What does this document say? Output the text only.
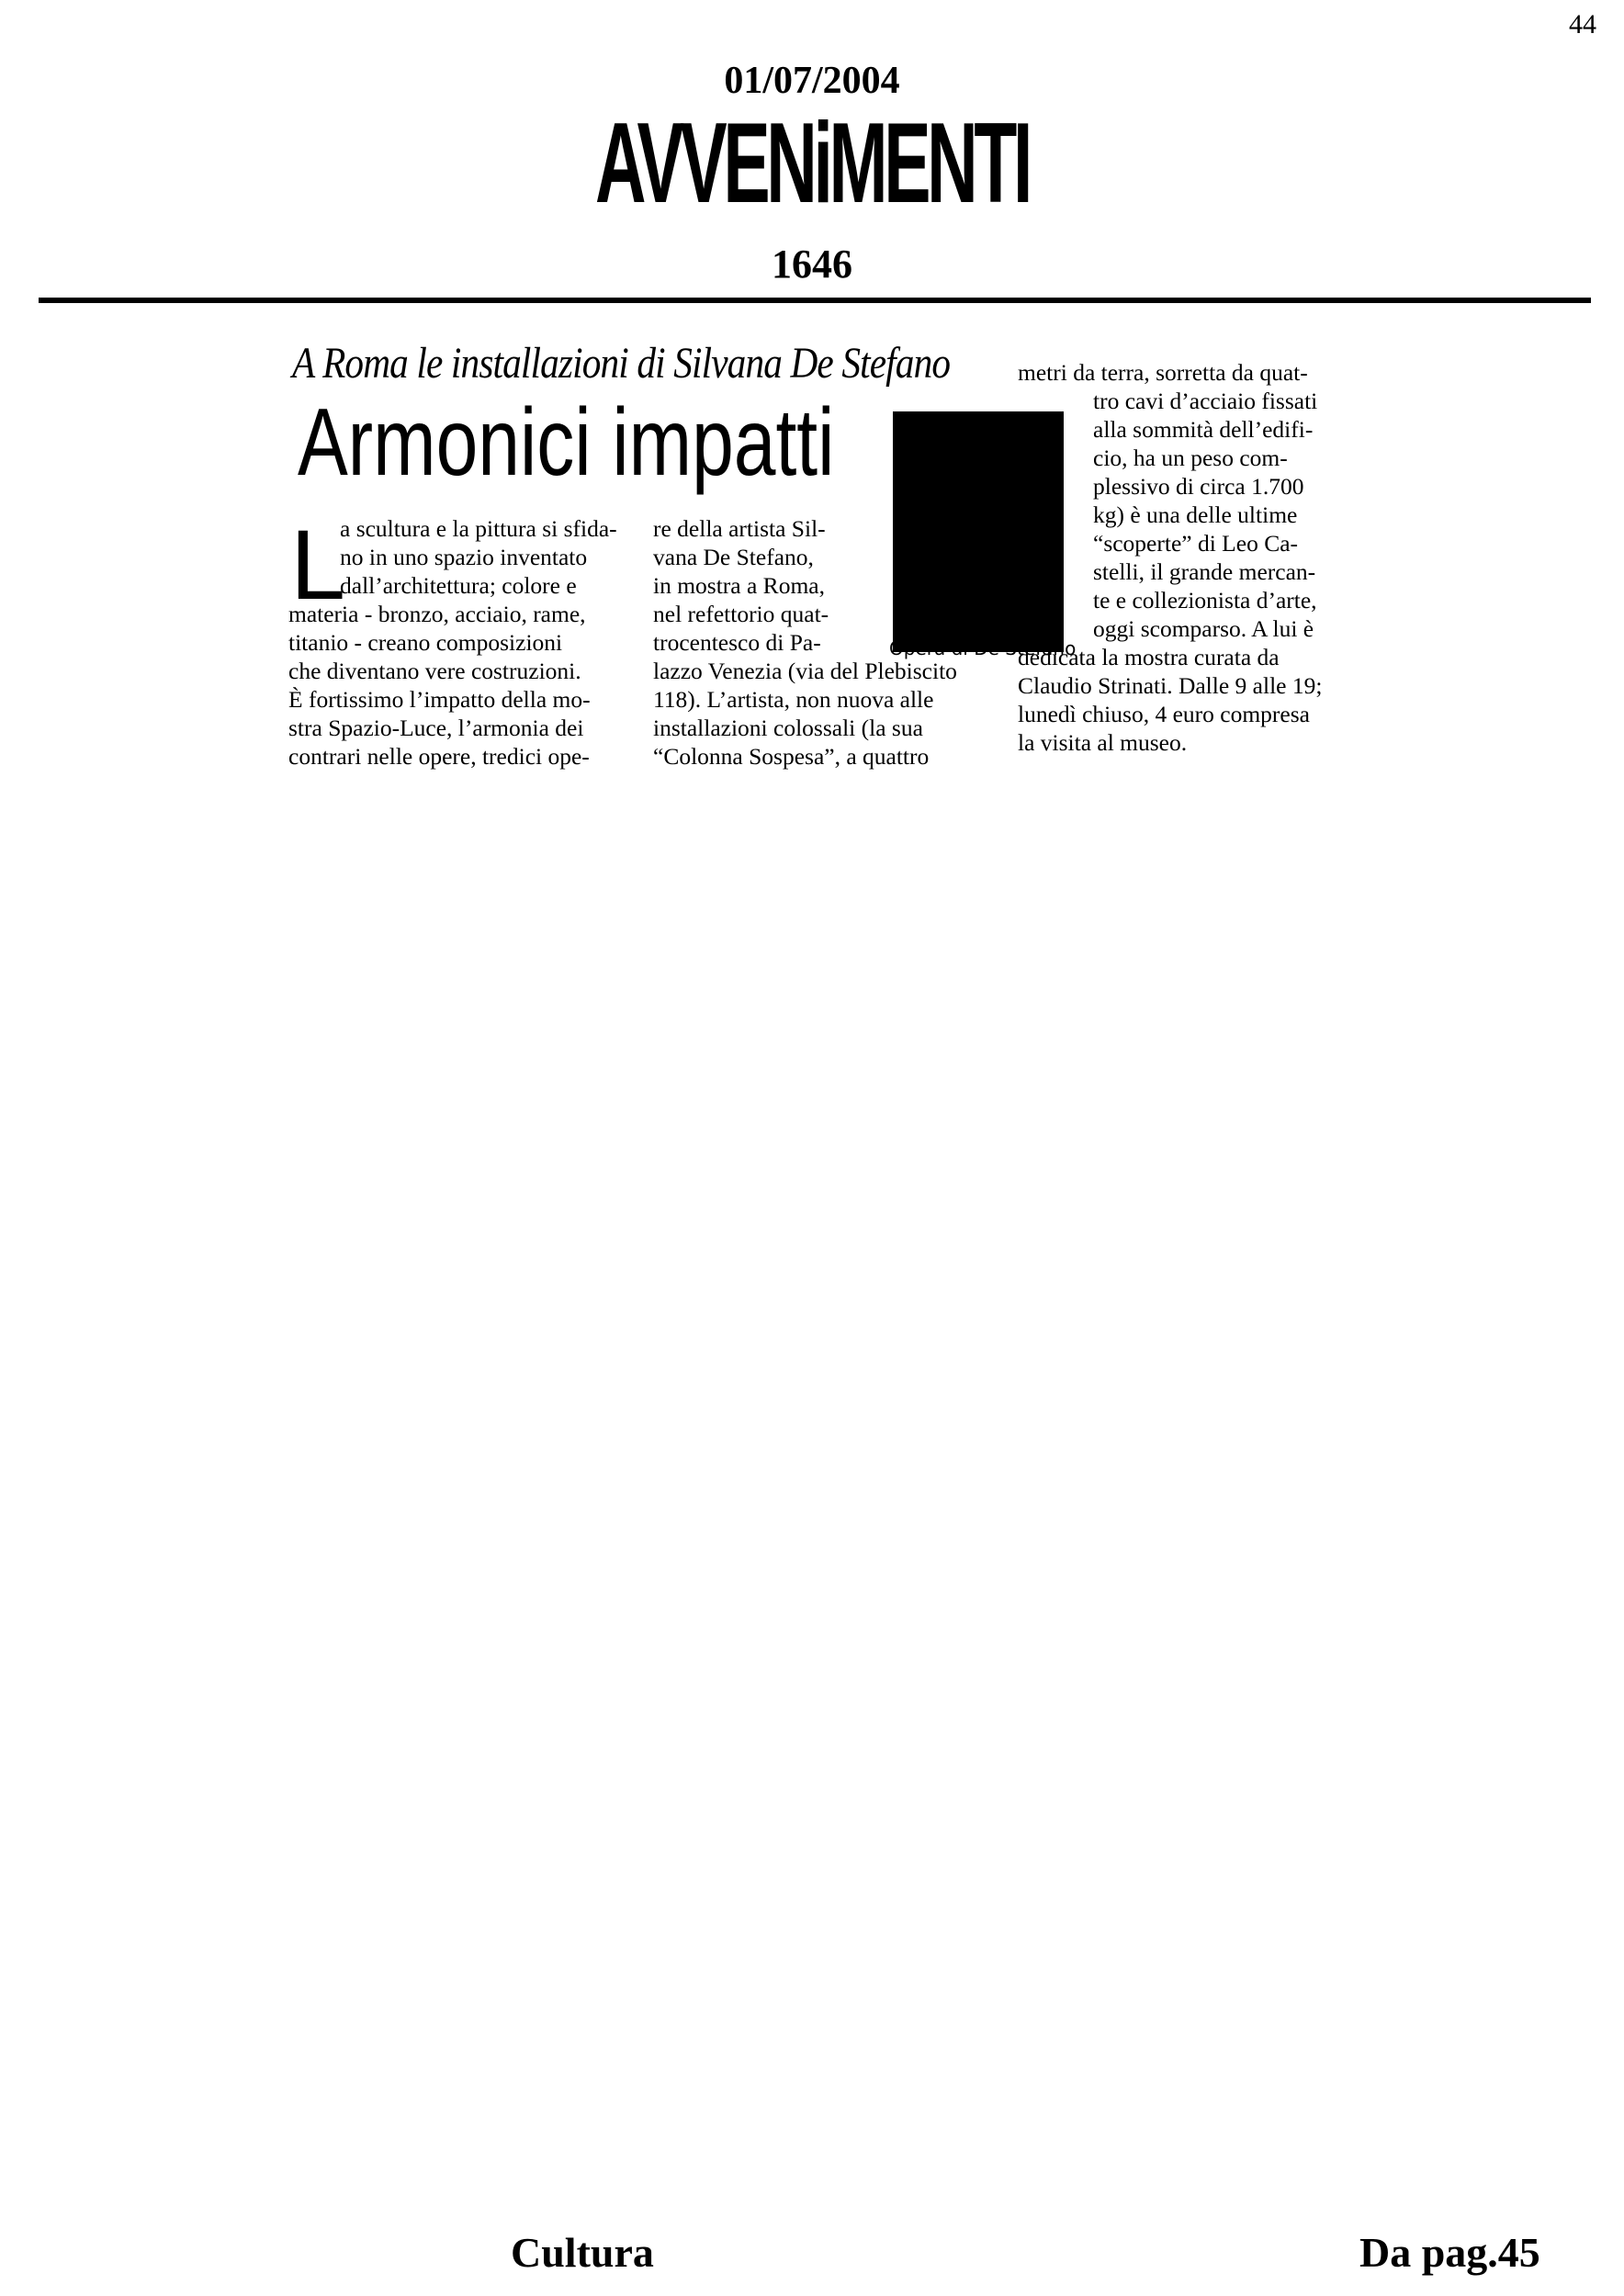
44
01/07/2004
AVVENiMENTI
1646
A Roma le installazioni di Silvana De Stefano
Armonici impatti
L
a scultura e la pittura si sfida-
no in uno spazio inventato
dall’architettura; colore e
materia - bronzo, acciaio, rame,
titanio - creano composizioni
che diventano vere costruzioni.
È fortissimo l’impatto della mo-
stra Spazio-Luce, l’armonia dei
contrari nelle opere, tredici ope-
re della artista Sil-
vana De Stefano,
in mostra a Roma,
nel refettorio quat-
trocentesco di Pa-
lazzo Venezia (via del Plebiscito
118). L’artista, non nuova alle
installazioni colossali (la sua
“Colonna Sospesa”, a quattro
Opera di De Stefano
metri da terra, sorretta da quat-
tro cavi d’acciaio fissati
alla sommità dell’edifi-
cio, ha un peso com-
plessivo di circa 1.700
kg) è una delle ultime
“scoperte” di Leo Ca-
stelli, il grande mercan-
te e collezionista d’arte,
oggi scomparso. A lui è
dedicata la mostra curata da
Claudio Strinati. Dalle 9 alle 19;
lunedì chiuso, 4 euro compresa
la visita al museo.
Cultura	Da pag.45
